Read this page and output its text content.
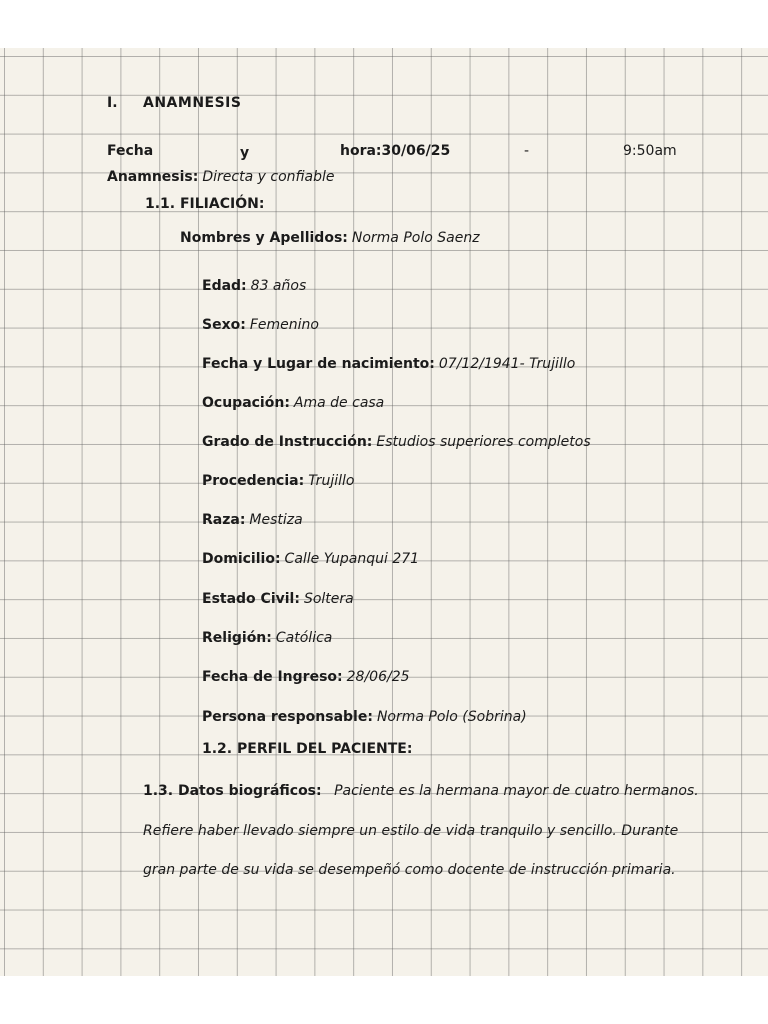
I. ANAMNESIS
Fecha	y	hora:30/06/25	-	9:50am
Anamnesis: Directa y confiable
1.1. FILIACIÓN:
Nombres y Apellidos: Norma Polo Saenz
Edad: 83 años
Sexo: Femenino
Fecha y Lugar de nacimiento: 07/12/1941- Trujillo
Ocupación: Ama de casa
Grado de Instrucción: Estudios superiores completos
Procedencia: Trujillo
Raza: Mestiza
Domicilio: Calle Yupanqui 271
Estado Civil: Soltera
Religión: Católica
Fecha de Ingreso: 28/06/25
Persona responsable: Norma Polo (Sobrina)
1.2. PERFIL DEL PACIENTE:
1.3. Datos biográficos: Paciente es la hermana mayor de cuatro hermanos.
Refiere haber llevado siempre un estilo de vida tranquilo y sencillo. Durante
gran parte de su vida se desempeñó como docente de instrucción primaria.
